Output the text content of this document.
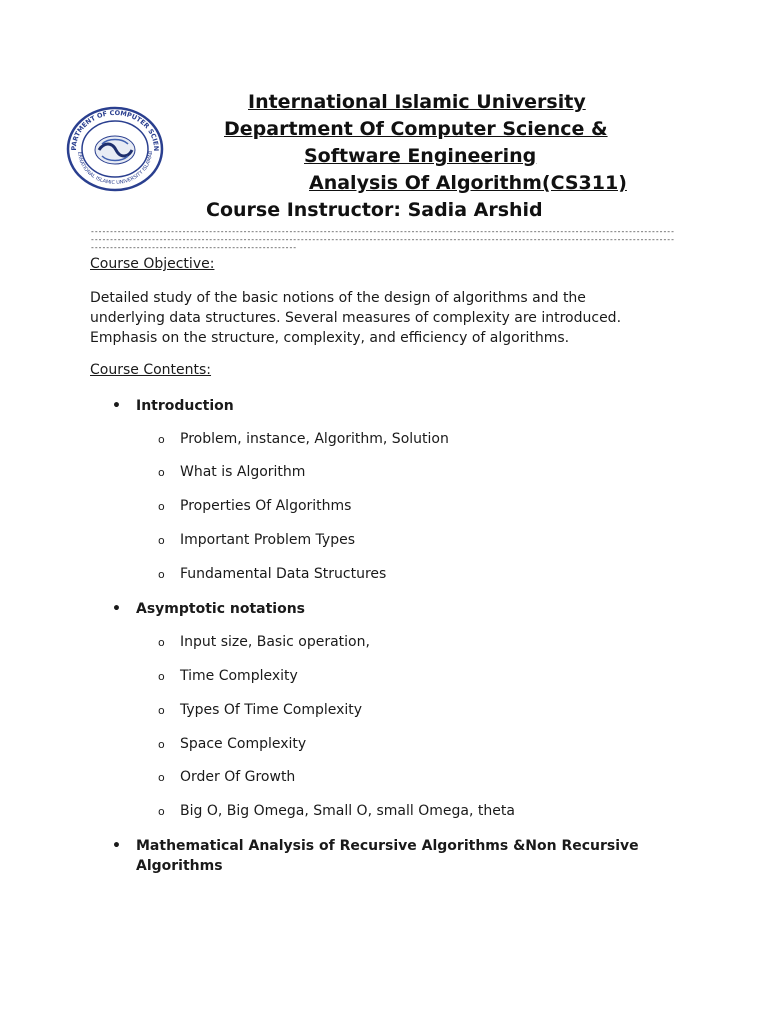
PARTMENT OF COMPUTER SCIEN
ERNATIONAL ISLAMIC UNIVERSITY ISLAMAB
International Islamic University
Department Of Computer Science &
Software Engineering
Analysis Of Algorithm(CS311)
Course Instructor: Sadia Arshid
---------------------------------------------------------------------------------------------------------------------------------------------------------
---------------------------------------------------------------------------------------------------------------------------------------------------------
------------------------------------------------------
Course Objective:
Detailed study of the basic notions of the design of algorithms and the
underlying data structures. Several measures of complexity are introduced.
Emphasis on the structure, complexity, and efficiency of algorithms.
Course Contents:
•	Introduction
o Problem, instance, Algorithm, Solution
o What is Algorithm
o Properties Of Algorithms
o Important Problem Types
o Fundamental Data Structures
•	Asymptotic notations
o Input size, Basic operation,
o Time Complexity
o Types Of Time Complexity
o Space Complexity
o Order Of Growth
o Big O, Big Omega, Small O, small Omega, theta
•	Mathematical Analysis of Recursive Algorithms &Non Recursive Algorithms
